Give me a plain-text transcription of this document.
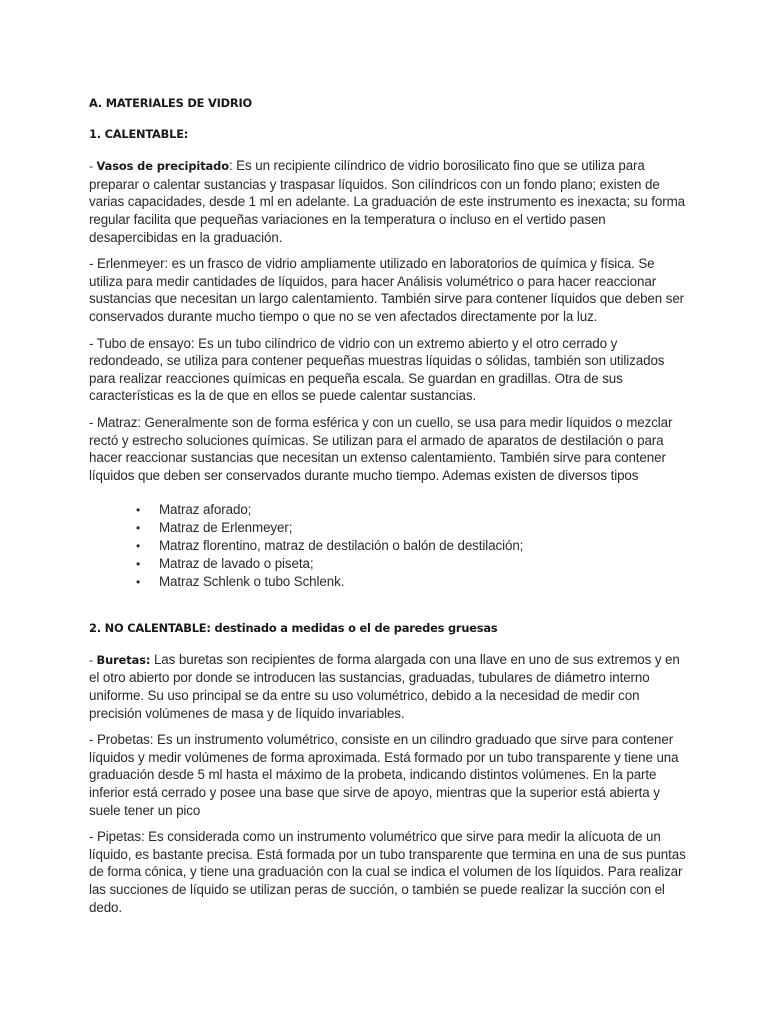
A. MATERIALES DE VIDRIO
1. CALENTABLE:

- Vasos de precipitado: Es un recipiente cilíndrico de vidrio borosilicato fino que se utiliza para preparar o calentar sustancias y traspasar líquidos. Son cilíndricos con un fondo plano; existen de varias capacidades, desde 1 ml en adelante. La graduación de este instrumento es inexacta; su forma regular facilita que pequeñas variaciones en la temperatura o incluso en el vertido pasen desapercibidas en la graduación.

- Erlenmeyer: es un frasco de vidrio ampliamente utilizado en laboratorios de química y física. Se utiliza para medir cantidades de líquidos, para hacer Análisis volumétrico o para hacer reaccionar sustancias que necesitan un largo calentamiento. También sirve para contener líquidos que deben ser conservados durante mucho tiempo o que no se ven afectados directamente por la luz.

- Tubo de ensayo: Es un tubo cilíndrico de vidrio con un extremo abierto y el otro cerrado y redondeado, se utiliza para contener pequeñas muestras líquidas o sólidas, también son utilizados para realizar reacciones químicas en pequeña escala. Se guardan en gradillas. Otra de sus características es la de que en ellos se puede calentar sustancias.

- Matraz: Generalmente son de forma esférica y con un cuello, se usa para medir líquidos o mezclar rectó y estrecho soluciones químicas. Se utilizan para el armado de aparatos de destilación o para hacer reaccionar sustancias que necesitan un extenso calentamiento. También sirve para contener líquidos que deben ser conservados durante mucho tiempo. Ademas existen de diversos tipos

• Matraz aforado;
• Matraz de Erlenmeyer;
• Matraz florentino, matraz de destilación o balón de destilación;
• Matraz de lavado o piseta;
• Matraz Schlenk o tubo Schlenk.
2. NO CALENTABLE: destinado a medidas o el de paredes gruesas

- Buretas: Las buretas son recipientes de forma alargada con una llave en uno de sus extremos y en el otro abierto por donde se introducen las sustancias, graduadas, tubulares de diámetro interno uniforme. Su uso principal se da entre su uso volumétrico, debido a la necesidad de medir con precisión volúmenes de masa y de líquido invariables.

- Probetas: Es un instrumento volumétrico, consiste en un cilindro graduado que sirve para contener líquidos y medir volúmenes de forma aproximada. Está formado por un tubo transparente y tiene una graduación desde 5 ml hasta el máximo de la probeta, indicando distintos volúmenes. En la parte inferior está cerrado y posee una base que sirve de apoyo, mientras que la superior está abierta y suele tener un pico

- Pipetas: Es considerada como un instrumento volumétrico que sirve para medir la alícuota de un líquido, es bastante precisa. Está formada por un tubo transparente que termina en una de sus puntas de forma cónica, y tiene una graduación con la cual se indica el volumen de los líquidos. Para realizar las succiones de líquido se utilizan peras de succión, o también se puede realizar la succión con el dedo.
